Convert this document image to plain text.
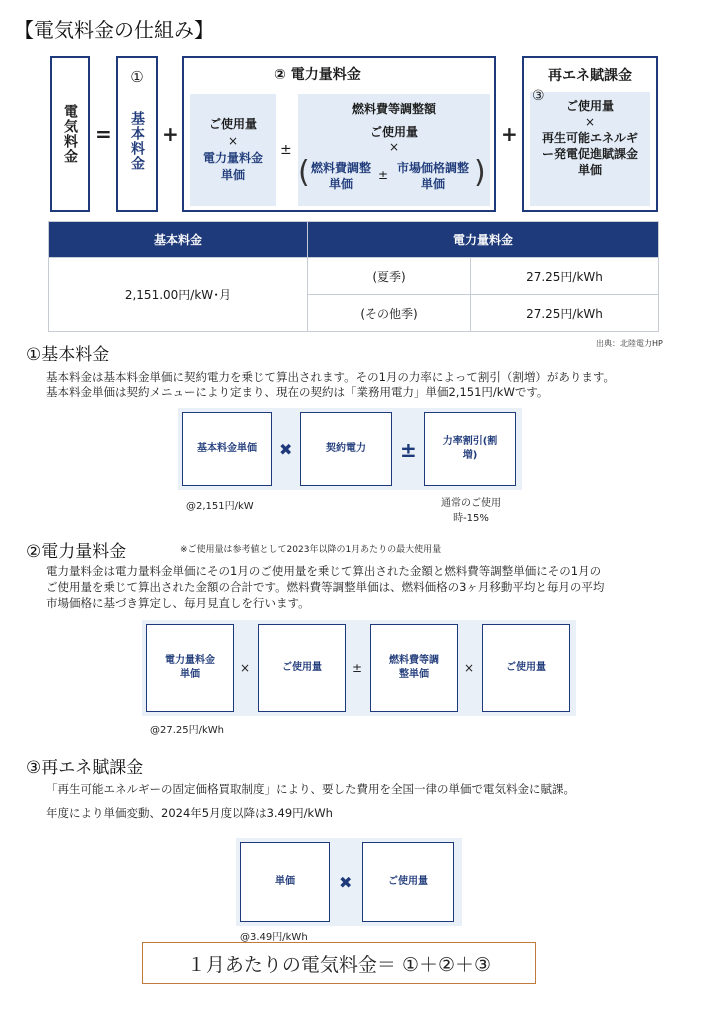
【電気料金の仕組み】
電気料金 =
①
基本料金 +
② 電力量料金
ご使用量
×
電力量料金単価
±
燃料費等調整額
ご使用量
×
( 燃料費調整単価
± 市場価格調整単価 )
+
再エネ賦課金
③
ご使用量
×
再生可能エネルギー発電促進賦課金単価
基本料金	電力量料金	
2,151.00円/kW･月	(夏季)	27.25円/kWh
	(その他季)	27.25円/kWh
出典：北陸電力HP
①基本料金
基本料金は基本料金単価に契約電力を乗じて算出されます。その1月の力率によって割引（割増）があります。
基本料金単価は契約メニューにより定まり、現在の契約は「業務用電力」単価2,151円/kWです。
基本料金単価 ✖	契約電力 ±	力率割引(割増)
@2,151円/kW	通常のご使用時-15%
②電力量料金	※ご使用量は参考値として2023年以降の1月あたりの最大使用量
電力量料金は電力量料金単価にその1月のご使用量を乗じて算出された金額と燃料費等調整単価にその1月の
ご使用量を乗じて算出された金額の合計です。燃料費等調整単価は、燃料価格の3ヶ月移動平均と毎月の平均
市場価格に基づき算定し、毎月見直しを行います。
電力量料金単価	×	ご使用量	±
燃料費等調整単価	×	ご使用量
@27.25円/kWh
③再エネ賦課金
「再生可能エネルギーの固定価格買取制度」により、要した費用を全国一律の単価で電気料金に賦課。
年度により単価変動、2024年5月度以降は3.49円/kWh
単価	✖	ご使用量
@3.49円/kWh
１月あたりの電気料金＝ ①＋②＋③
